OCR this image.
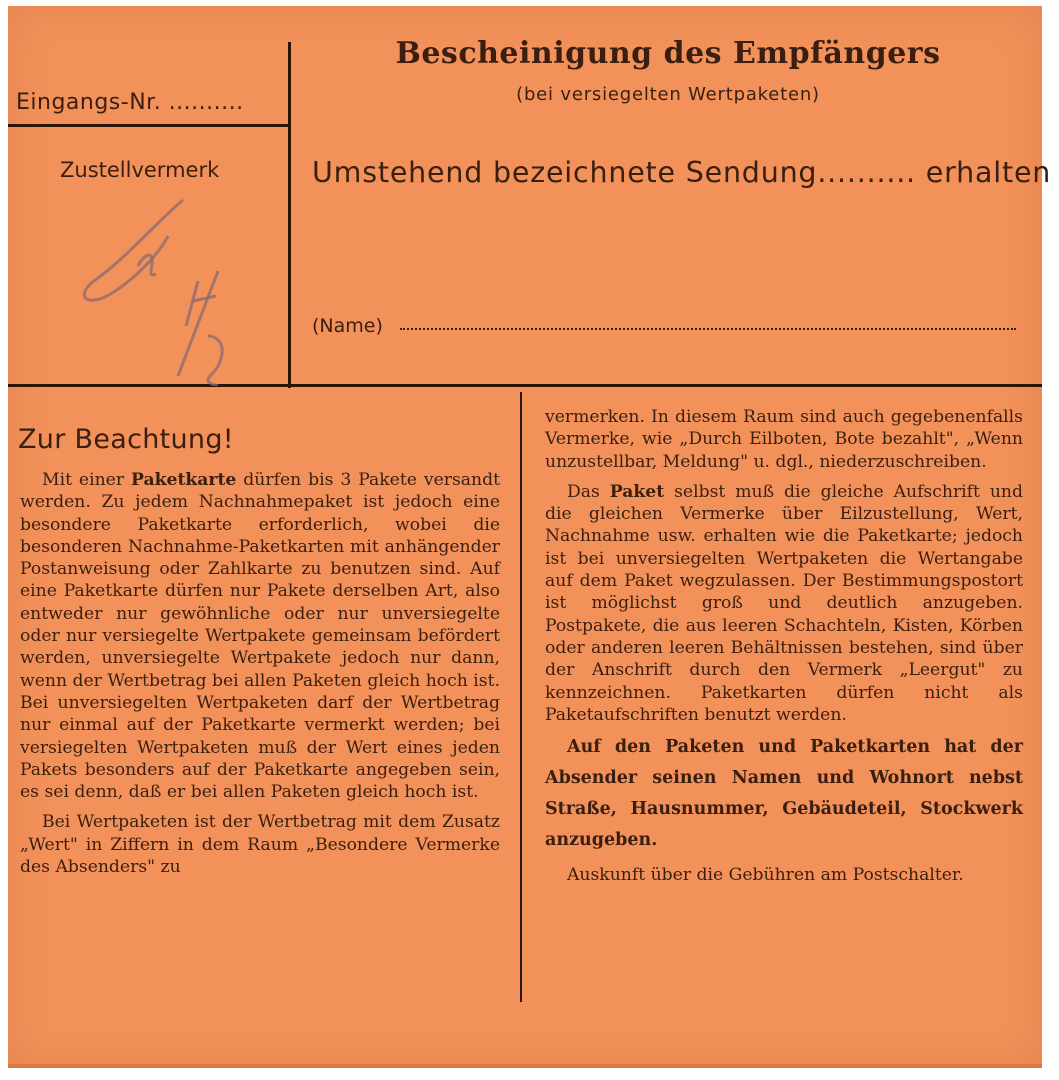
Eingangs-Nr. ..........
Zustellvermerk
Bescheinigung des Empfängers
(bei versiegelten Wertpaketen)
Umstehend bezeichnete Sendung.......... erhalten
(Name)
Zur Beachtung!

Mit einer Paketkarte dürfen bis 3 Pakete versandt werden. Zu jedem Nachnahmepaket ist jedoch eine besondere Paketkarte erforderlich, wobei die besonderen Nachnahme-Paketkarten mit anhängender Postanweisung oder Zahlkarte zu benutzen sind. Auf eine Paketkarte dürfen nur Pakete derselben Art, also entweder nur gewöhnliche oder nur unversiegelte oder nur versiegelte Wertpakete gemeinsam befördert werden, unversiegelte Wertpakete jedoch nur dann, wenn der Wertbetrag bei allen Paketen gleich hoch ist. Bei unversiegelten Wertpaketen darf der Wertbetrag nur einmal auf der Paketkarte vermerkt werden; bei versiegelten Wertpaketen muß der Wert eines jeden Pakets besonders auf der Paketkarte angegeben sein, es sei denn, daß er bei allen Paketen gleich hoch ist.

Bei Wertpaketen ist der Wertbetrag mit dem Zusatz „Wert" in Ziffern in dem Raum „Besondere Vermerke des Absenders" zu

vermerken. In diesem Raum sind auch gegebenenfalls Vermerke, wie „Durch Eilboten, Bote bezahlt", „Wenn unzustellbar, Meldung" u. dgl., niederzuschreiben.

Das Paket selbst muß die gleiche Aufschrift und die gleichen Vermerke über Eilzustellung, Wert, Nachnahme usw. erhalten wie die Paketkarte; jedoch ist bei unversiegelten Wertpaketen die Wertangabe auf dem Paket wegzulassen. Der Bestimmungspostort ist möglichst groß und deutlich anzugeben. Postpakete, die aus leeren Schachteln, Kisten, Körben oder anderen leeren Behältnissen bestehen, sind über der Anschrift durch den Vermerk „Leergut" zu kennzeichnen. Paketkarten dürfen nicht als Paketaufschriften benutzt werden.

Auf den Paketen und Paketkarten hat der Absender seinen Namen und Wohnort nebst Straße, Hausnummer, Gebäudeteil, Stockwerk anzugeben.

Auskunft über die Gebühren am Postschalter.
